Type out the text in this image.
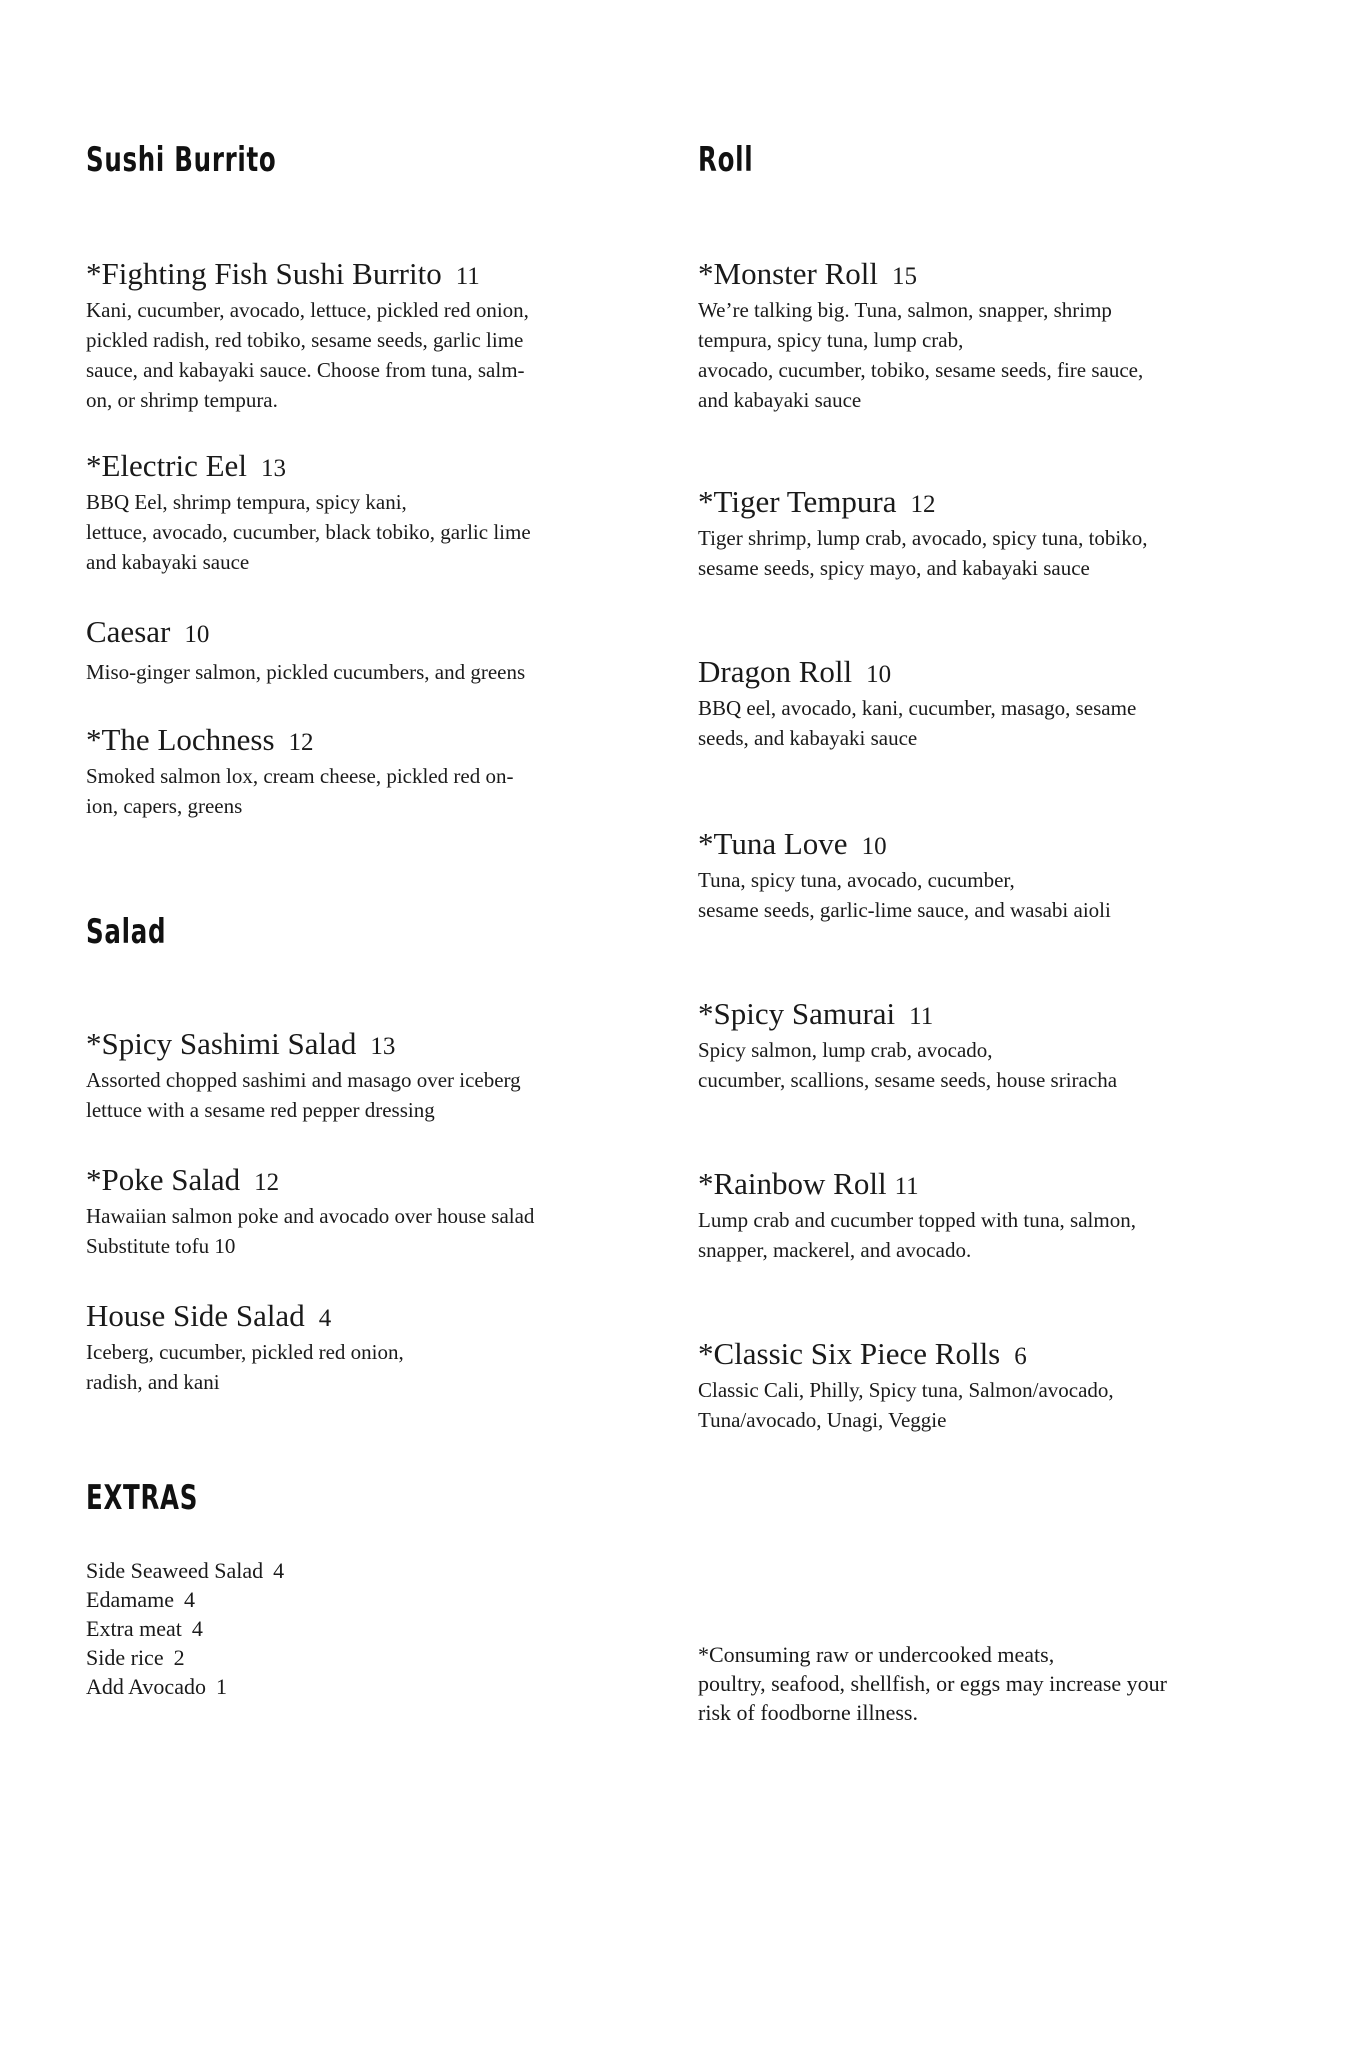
Sushi Burrito
*Fighting Fish Sushi Burrito 11
Kani, cucumber, avocado, lettuce, pickled red onion,
pickled radish, red tobiko, sesame seeds, garlic lime
sauce, and kabayaki sauce. Choose from tuna, salm-
on, or shrimp tempura.
*Electric Eel 13
BBQ Eel, shrimp tempura, spicy kani,
lettuce, avocado, cucumber, black tobiko, garlic lime
and kabayaki sauce
Caesar 10
Miso-ginger salmon, pickled cucumbers, and greens
*The Lochness 12
Smoked salmon lox, cream cheese, pickled red on-
ion, capers, greens
Salad
*Spicy Sashimi Salad 13
Assorted chopped sashimi and masago over iceberg
lettuce with a sesame red pepper dressing
*Poke Salad 12
Hawaiian salmon poke and avocado over house salad
Substitute tofu 10
House Side Salad 4
Iceberg, cucumber, pickled red onion,
radish, and kani
EXTRAS
Side Seaweed Salad 4
Edamame 4
Extra meat 4
Side rice 2
Add Avocado 1
Roll
*Monster Roll 15
We’re talking big. Tuna, salmon, snapper, shrimp
tempura, spicy tuna, lump crab,
avocado, cucumber, tobiko, sesame seeds, fire sauce,
and kabayaki sauce
*Tiger Tempura 12
Tiger shrimp, lump crab, avocado, spicy tuna, tobiko,
sesame seeds, spicy mayo, and kabayaki sauce
Dragon Roll 10
BBQ eel, avocado, kani, cucumber, masago, sesame
seeds, and kabayaki sauce
*Tuna Love 10
Tuna, spicy tuna, avocado, cucumber,
sesame seeds, garlic-lime sauce, and wasabi aioli
*Spicy Samurai 11
Spicy salmon, lump crab, avocado,
cucumber, scallions, sesame seeds, house sriracha
*Rainbow Roll 11
Lump crab and cucumber topped with tuna, salmon,
snapper, mackerel, and avocado.
*Classic Six Piece Rolls 6
Classic Cali, Philly, Spicy tuna, Salmon/avocado,
Tuna/avocado, Unagi, Veggie
*Consuming raw or undercooked meats,
poultry, seafood, shellfish, or eggs may increase your
risk of foodborne illness.
